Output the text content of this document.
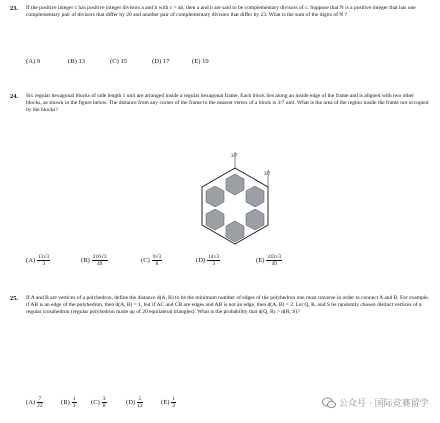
23. If the positive integer c has positive integer divisors a and b with c = ab, then a and b are said to be complementary divisors of c. Suppose that N is a positive integer that has one complementary pair of divisors that differ by 20 and another pair of complementary divisors that differ by 23. What is the sum of the digits of N ?
(A) 9	(B) 13	(C) 15	(D) 17	(E) 19
24. Six regular hexagonal blocks of side length 1 unit are arranged inside a regular hexagonal frame. Each block lies along an inside edge of the frame and is aligned with two other blocks, as shown in the figure below. The distance from any corner of the frame to the nearest vertex of a block is 3/7 unit. What is the area of the region inside the frame not occupied by the blocks?
3/7
3/7
$(A) \frac{13√3}{3}$	$(B) \frac{216√3}{49}$	$(C) \frac{9√3}{8}$	$(D) \frac{14√3}{3}$	$(E) \frac{243√3}{49}$
25. If A and B are vertices of a polyhedron, define the distance d(A, B) to be the minimum number of edges of the polyhedron one must traverse in order to connect A and B. For example, if AB is an edge of the polyhedron, then d(A, B) = 1, but if AC and CB are edges and AB is not an edge, then d(A, B) = 2. Let Q, R, and S be randomly chosen distinct vertices of a regular icosahedron (regular polyhedron made up of 20 equilateral triangles). What is the probability that d(Q, R) > d(R, S)?
$(A) \frac{7}{22}$	$(B) \frac{1}{3} (C) \frac{3}{8}$	$(D) \frac{5}{12}$	$(E) \frac{1}{2}$	公众号 · 国际竞赛留学
